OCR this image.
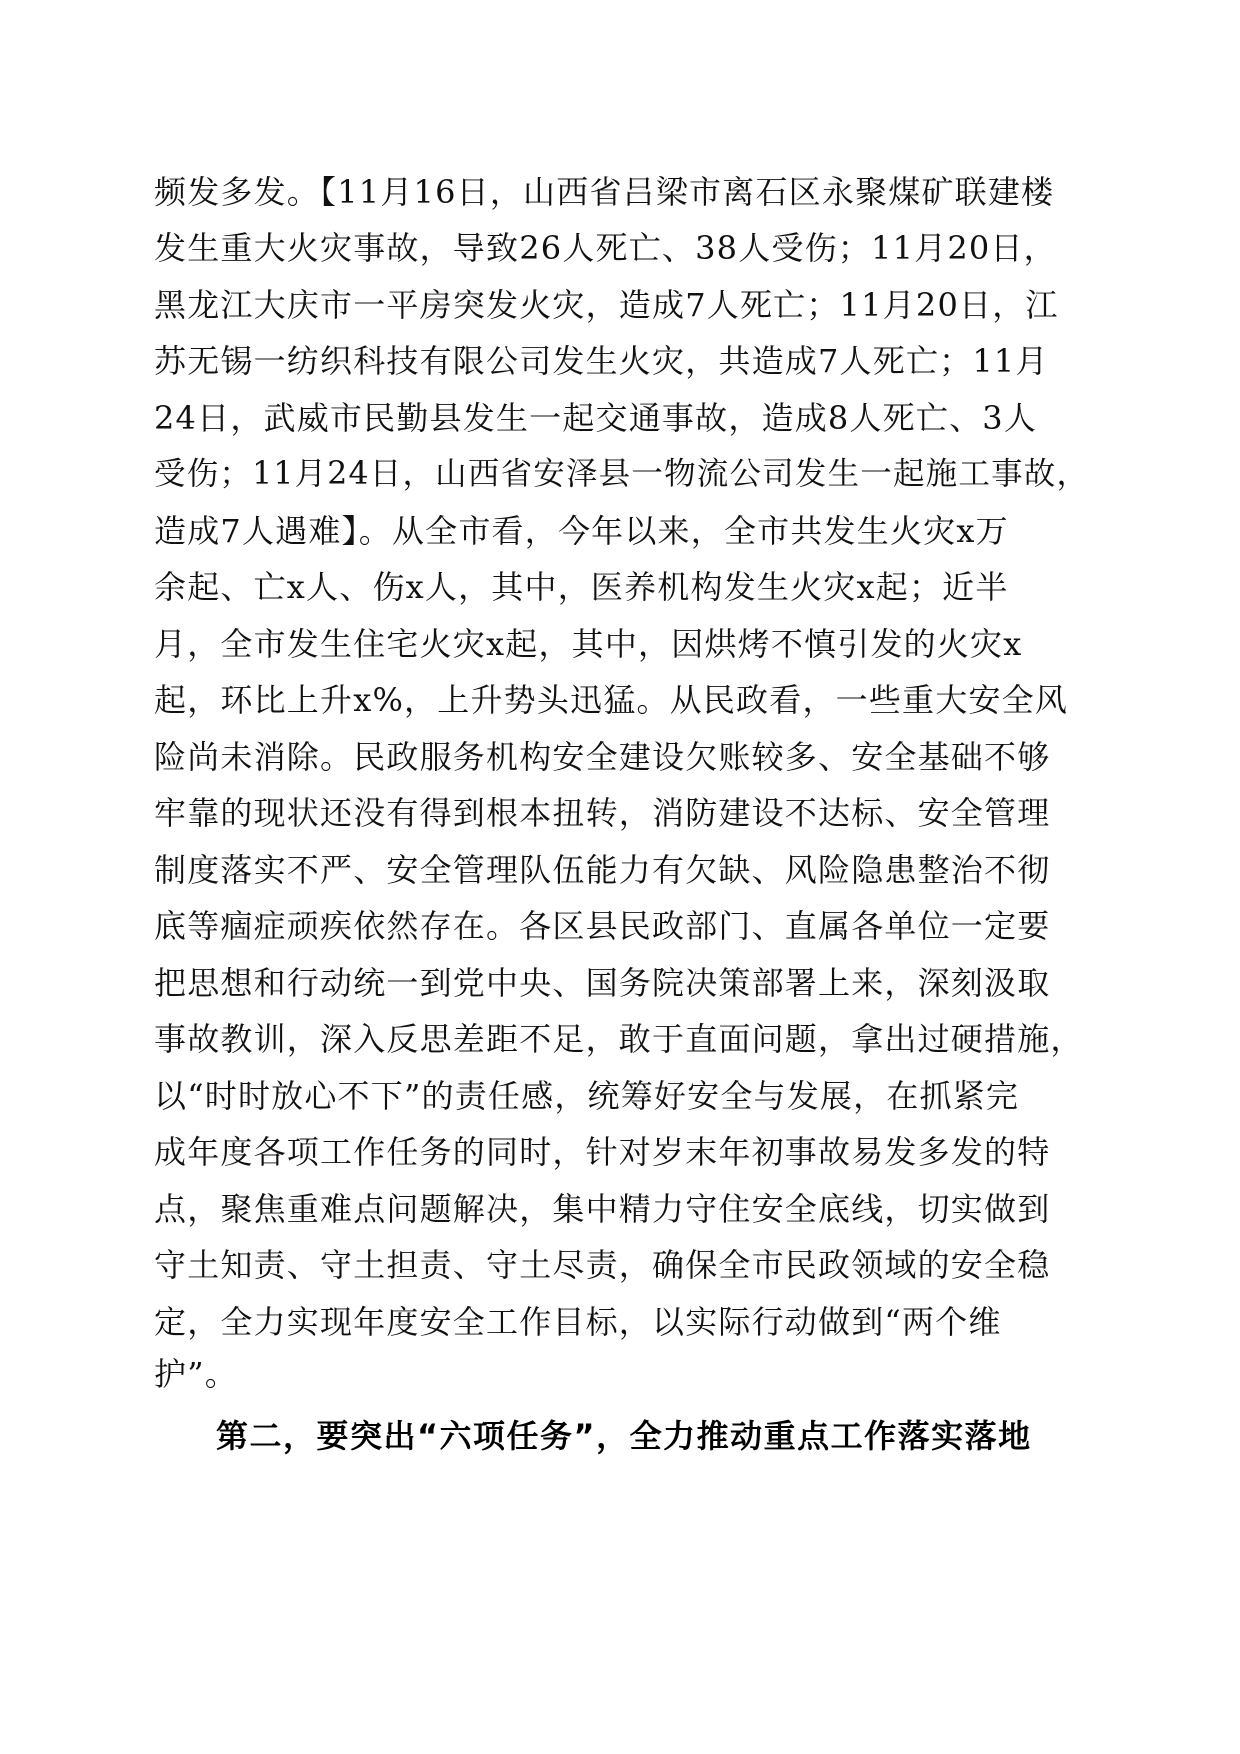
频发多发。【11月16日，山西省吕梁市离石区永聚煤矿联建楼
发生重大火灾事故，导致26人死亡、38人受伤；11月20日，
黑龙江大庆市一平房突发火灾，造成7人死亡；11月20日，江
苏无锡一纺织科技有限公司发生火灾，共造成7人死亡；11月
24日，武威市民勤县发生一起交通事故，造成8人死亡、3人
受伤；11月24日，山西省安泽县一物流公司发生一起施工事故，
造成7人遇难】。从全市看，今年以来，全市共发生火灾x万
余起、亡x人、伤x人，其中，医养机构发生火灾x起；近半
月，全市发生住宅火灾x起，其中，因烘烤不慎引发的火灾x
起，环比上升x%，上升势头迅猛。从民政看，一些重大安全风
险尚未消除。民政服务机构安全建设欠账较多、安全基础不够
牢靠的现状还没有得到根本扭转，消防建设不达标、安全管理
制度落实不严、安全管理队伍能力有欠缺、风险隐患整治不彻
底等痼症顽疾依然存在。各区县民政部门、直属各单位一定要
把思想和行动统一到党中央、国务院决策部署上来，深刻汲取
事故教训，深入反思差距不足，敢于直面问题，拿出过硬措施，
以“时时放心不下”的责任感，统筹好安全与发展，在抓紧完
成年度各项工作任务的同时，针对岁末年初事故易发多发的特
点，聚焦重难点问题解决，集中精力守住安全底线，切实做到
守土知责、守土担责、守土尽责，确保全市民政领域的安全稳
定，全力实现年度安全工作目标，以实际行动做到“两个维
护”。
第二，要突出“六项任务”，全力推动重点工作落实落地
